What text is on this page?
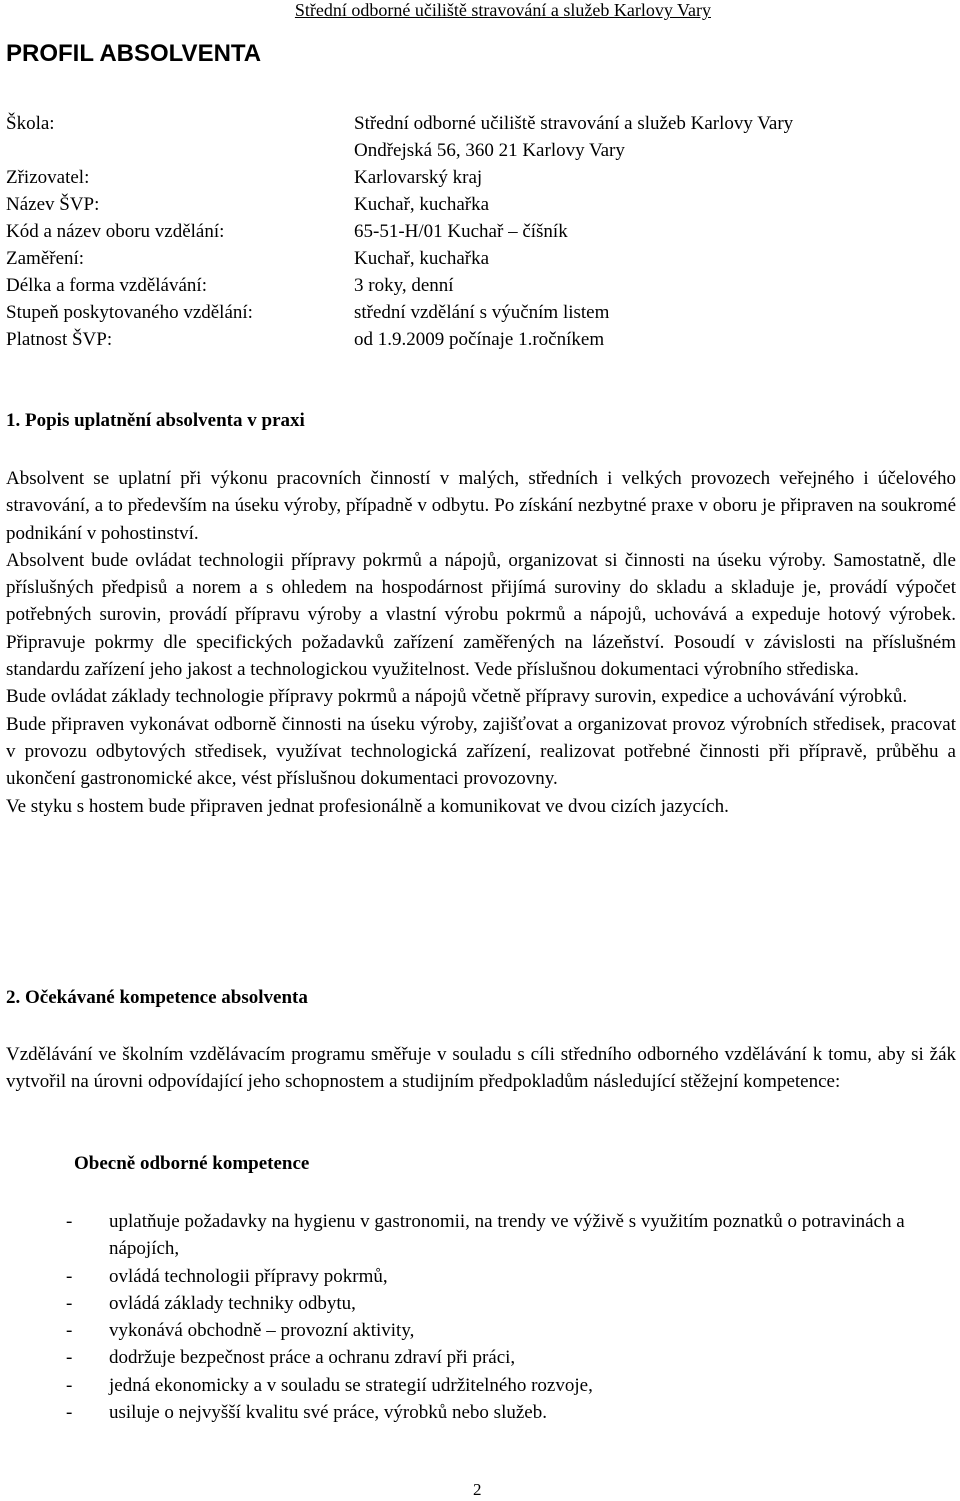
Střední odborné učiliště stravování a služeb Karlovy Vary
PROFIL ABSOLVENTA
Škola:	Střední odborné učiliště stravování a služeb Karlovy Vary
Ondřejská 56, 360 21 Karlovy Vary
Zřizovatel:	Karlovarský kraj
Název ŠVP:	Kuchař, kuchařka
Kód a název oboru vzdělání:	65-51-H/01 Kuchař – číšník
Zaměření:	Kuchař, kuchařka
Délka a forma vzdělávání:	3 roky, denní
Stupeň poskytovaného vzdělání:	střední vzdělání s výučním listem
Platnost ŠVP:	od 1.9.2009 počínaje 1.ročníkem
1. Popis uplatnění absolventa v praxi

Absolvent se uplatní při výkonu pracovních činností v malých, středních i velkých provozech veřejného i účelového stravování, a to především na úseku výroby, případně v odbytu. Po získání nezbytné praxe v oboru je připraven na soukromé podnikání v pohostinství.

Absolvent bude ovládat technologii přípravy pokrmů a nápojů, organizovat si činnosti na úseku výroby. Samostatně, dle příslušných předpisů a norem a s ohledem na hospodárnost přijímá suroviny do skladu a skladuje je, provádí výpočet potřebných surovin, provádí přípravu výroby a vlastní výrobu pokrmů a nápojů, uchovává a expeduje hotový výrobek. Připravuje pokrmy dle specifických požadavků zařízení zaměřených na lázeňství. Posoudí v závislosti na příslušném standardu zařízení jeho jakost a technologickou využitelnost. Vede příslušnou dokumentaci výrobního střediska.

Bude ovládat základy technologie přípravy pokrmů a nápojů včetně přípravy surovin, expedice a uchovávání výrobků.

Bude připraven vykonávat odborně činnosti na úseku výroby, zajišťovat a organizovat provoz výrobních středisek, pracovat v provozu odbytových středisek, využívat technologická zařízení, realizovat potřebné činnosti při přípravě, průběhu a ukončení gastronomické akce, vést příslušnou dokumentaci provozovny.

Ve styku s hostem bude připraven jednat profesionálně a komunikovat ve dvou cizích jazycích.

2. Očekávané kompetence absolventa

Vzdělávání ve školním vzdělávacím programu směřuje v souladu s cíli středního odborného vzdělávání k tomu, aby si žák vytvořil na úrovni odpovídající jeho schopnostem a studijním předpokladům následující stěžejní kompetence:

Obecně odborné kompetence
- uplatňuje požadavky na hygienu v gastronomii, na trendy ve výživě s využitím poznatků o potravinách a nápojích,
- ovládá technologii přípravy pokrmů,
- ovládá základy techniky odbytu,
- vykonává obchodně – provozní aktivity,
- dodržuje bezpečnost práce a ochranu zdraví při práci,
- jedná ekonomicky a v souladu se strategií udržitelného rozvoje,
- usiluje o nejvyšší kvalitu své práce, výrobků nebo služeb.
2
